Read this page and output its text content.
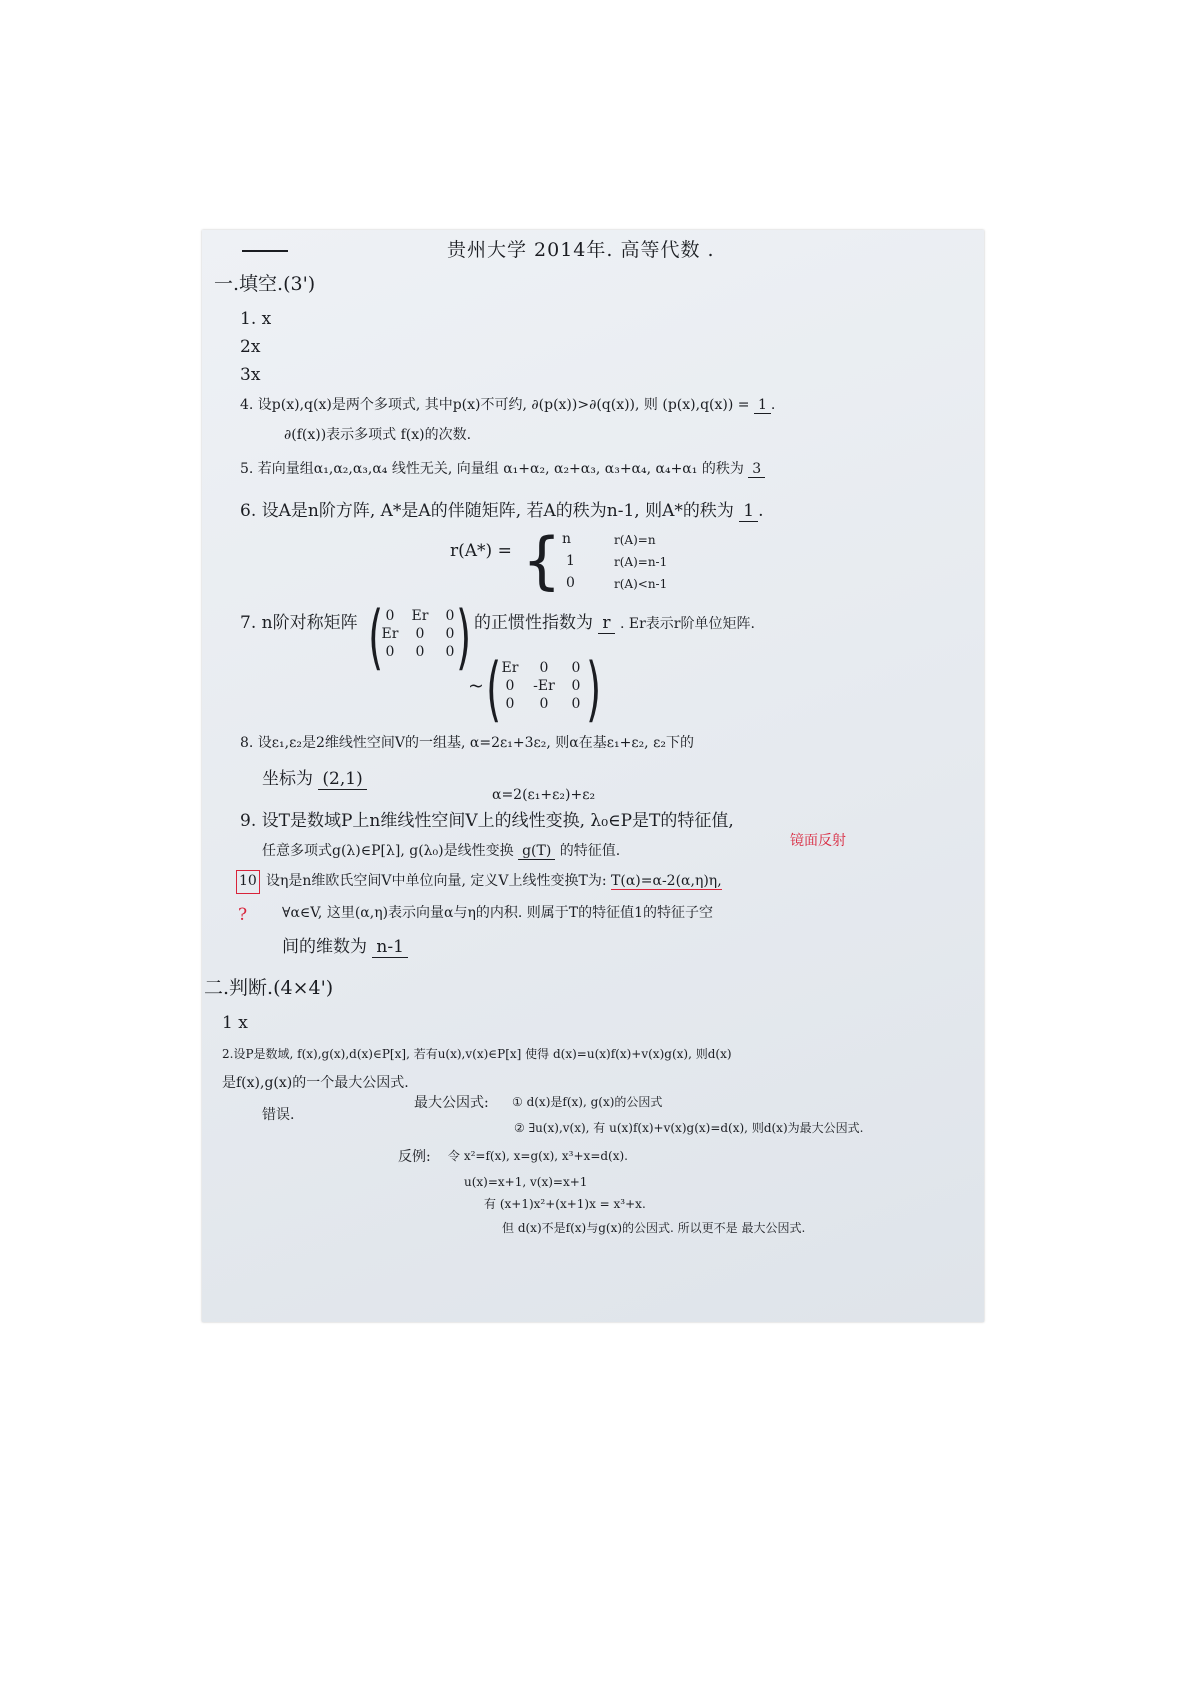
贵州大学 2014年. 高等代数 .
一.填空.(3')
1. x
2x
3x
4. 设p(x),q(x)是两个多项式, 其中p(x)不可约, ∂(p(x))>∂(q(x)), 则 (p(x),q(x)) = 1 .
∂(f(x))表示多项式 f(x)的次数.
5. 若向量组α₁,α₂,α₃,α₄ 线性无关, 向量组 α₁+α₂, α₂+α₃, α₃+α₄, α₄+α₁ 的秩为 3
6. 设A是n阶方阵, A*是A的伴随矩阵, 若A的秩为n-1, 则A*的秩为 1 .
r(A*) = { n	r(A)=n
1	r(A)=n-1
0	r(A)<n-1
7. n阶对称矩阵 ( 0	Er	0
Er	0	0
0	0	0 ) 的正惯性指数为 r . Er表示r阶单位矩阵.
~ ( Er	0	0
0	-Er	0
0	0	0 )
8. 设ε₁,ε₂是2维线性空间V的一组基, α=2ε₁+3ε₂, 则α在基ε₁+ε₂, ε₂下的
坐标为 (2,1)
α=2(ε₁+ε₂)+ε₂
9. 设T是数域P上n维线性空间V上的线性变换, λ₀∈P是T的特征值,
任意多项式g(λ)∈P[λ], g(λ₀)是线性变换 g(T) 的特征值.
镜面反射
10 设η是n维欧氏空间V中单位向量, 定义V上线性变换T为: T(α)=α-2(α,η)η,
? ∀α∈V, 这里(α,η)表示向量α与η的内积. 则属于T的特征值1的特征子空
间的维数为 n-1
二.判断.(4×4')
1 x
2.设P是数域, f(x),g(x),d(x)∈P[x], 若有u(x),v(x)∈P[x] 使得 d(x)=u(x)f(x)+v(x)g(x), 则d(x)
是f(x),g(x)的一个最大公因式.
最大公因式: ① d(x)是f(x), g(x)的公因式
错误.
② ∃u(x),v(x), 有 u(x)f(x)+v(x)g(x)=d(x), 则d(x)为最大公因式.
反例: 令 x²=f(x), x=g(x), x³+x=d(x).
u(x)=x+1, v(x)=x+1
有 (x+1)x²+(x+1)x = x³+x.
但 d(x)不是f(x)与g(x)的公因式. 所以更不是 最大公因式.
